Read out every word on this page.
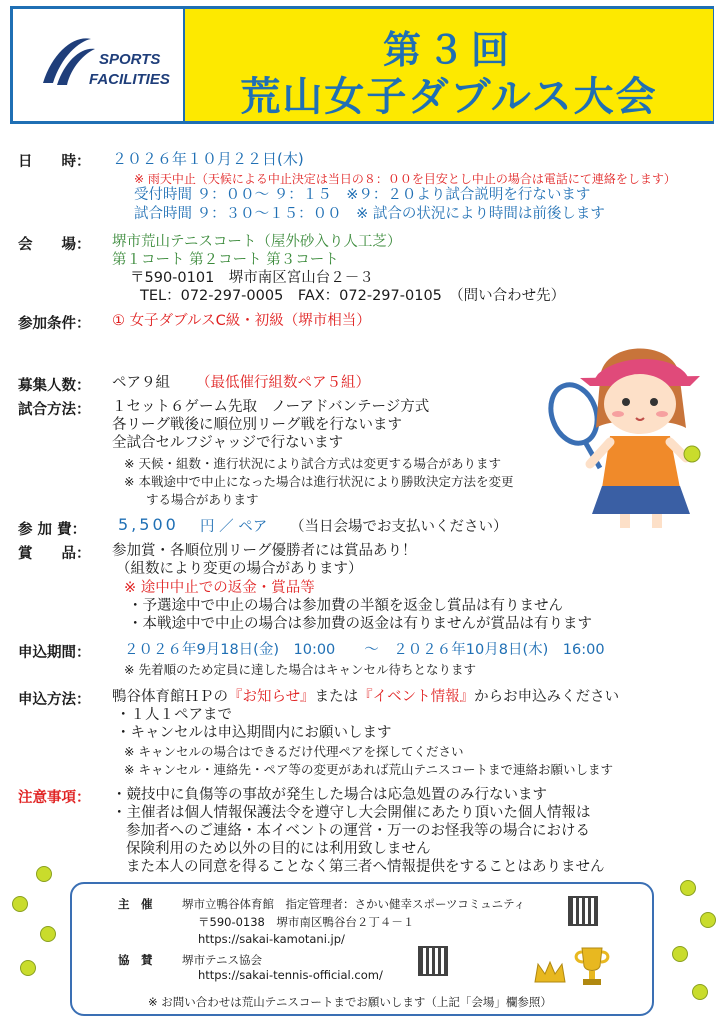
SPORTS
FACILITIES
第３回
荒山女子ダブルス大会
日　　時： ２０２６年１０月２２日(木)
※ 雨天中止（天候による中止決定は当日の８：００を目安とし中止の場合は電話にて連絡をします）
受付時間 ９：００～ ９：１５　※９：２０より試合説明を行ないます
試合時間 ９：３０～１５：００　※ 試合の状況により時間は前後します
会　　場： 堺市荒山テニスコート（屋外砂入り人工芝）
第１コート 第２コート 第３コート
〒590-0101　堺市南区宮山台２－３
TEL：072-297-0005　FAX：072-297-0105　（問い合わせ先）
参加条件： ① 女子ダブルスC級・初級（堺市相当）
募集人数： ペア９組 （最低催行組数ペア５組）
試合方法： １セット６ゲーム先取　ノーアドバンテージ方式
各リーグ戦後に順位別リーグ戦を行ないます
全試合セルフジャッジで行ないます
※ 天候・組数・進行状況により試合方式は変更する場合があります
※ 本戦途中で中止になった場合は進行状況により勝敗決定方法を変更
する場合があります
参 加 費： 5,500 円 ／ ペア （当日会場でお支払いください）
賞　　品： 参加賞・各順位別リーグ優勝者には賞品あり！
（組数により変更の場合があります）
※ 途中中止での返金・賞品等
・予選途中で中止の場合は参加費の半額を返金し賞品は有りません
・本戦途中で中止の場合は参加費の返金は有りませんが賞品は有ります
申込期間： ２０２６年9月18日(金)　10:00　　～　２０２６年10月8日(木)　16:00
※ 先着順のため定員に達した場合はキャンセル待ちとなります
申込方法： 鴨谷体育館ＨＰの『お知らせ』または『イベント情報』からお申込みください
・１人１ペアまで
・キャンセルは申込期間内にお願いします
※ キャンセルの場合はできるだけ代理ペアを探してください
※ キャンセル・連絡先・ペア等の変更があれば荒山テニスコートまで連絡お願いします
注意事項： ・競技中に負傷等の事故が発生した場合は応急処置のみ行ないます
・主催者は個人情報保護法令を遵守し大会開催にあたり頂いた個人情報は
参加者へのご連絡・本イベントの運営・万一のお怪我等の場合における
保険利用のため以外の目的には利用致しません
また本人の同意を得ることなく第三者へ情報提供をすることはありません
主　催	堺市立鴨谷体育館　指定管理者：さかい健幸スポーツコミュニティ
〒590-0138　堺市南区鴨谷台２丁４－１
https://sakai-kamotani.jp/
協　賛	堺市テニス協会
https://sakai-tennis-official.com/
※ お問い合わせは荒山テニスコートまでお願いします（上記「会場」欄参照）
